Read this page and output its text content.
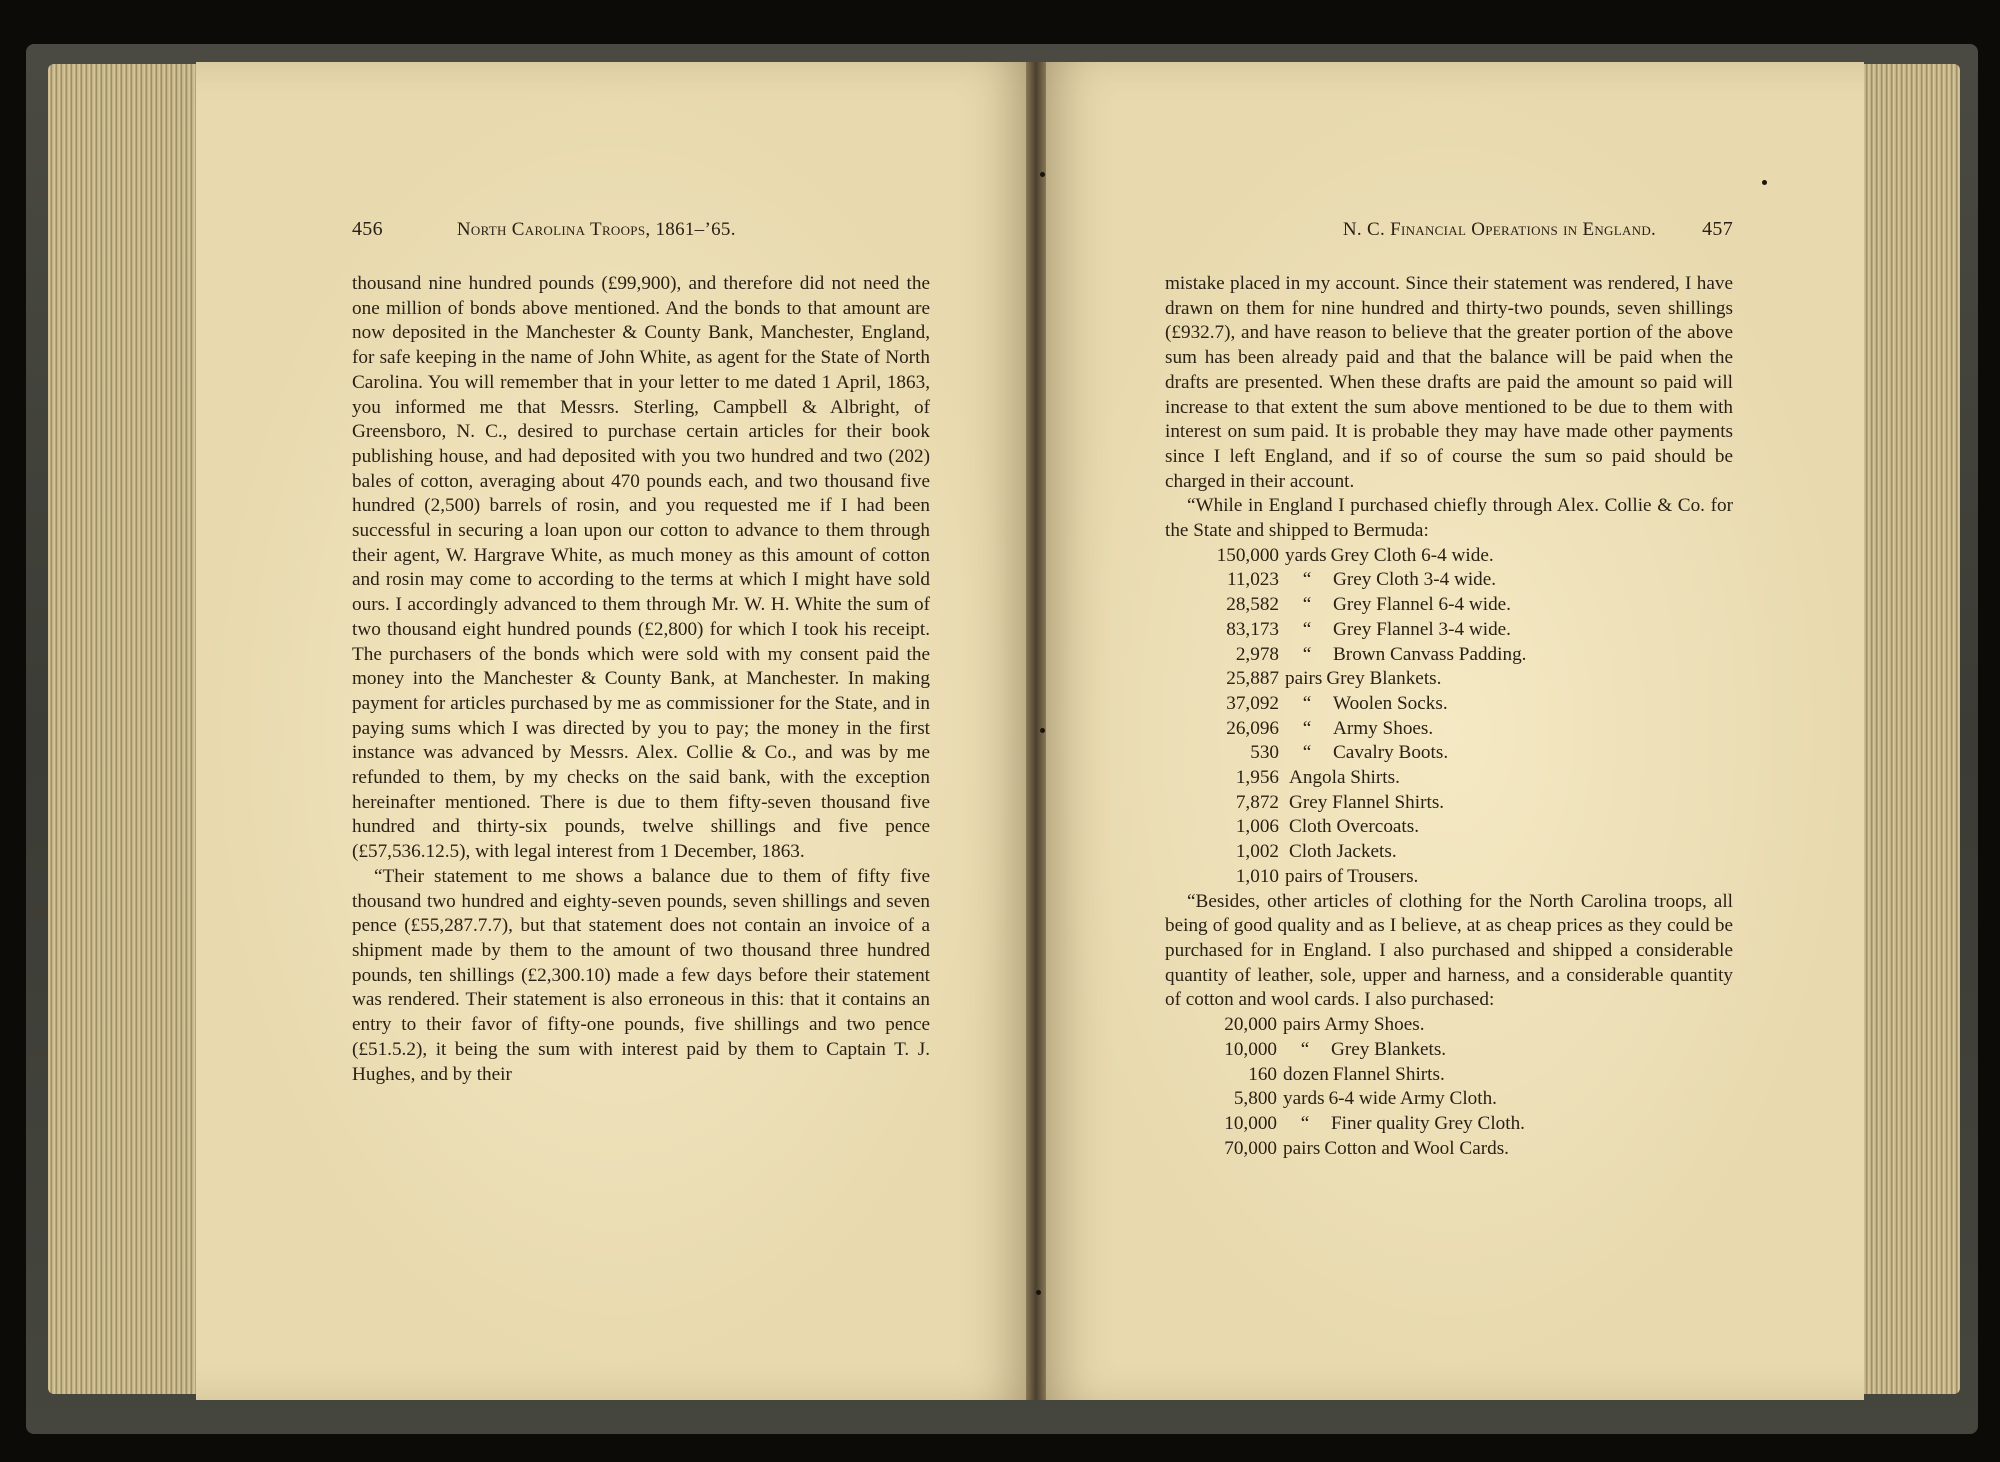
456	North Carolina Troops, 1861–’65.

thousand nine hundred pounds (£99,900), and therefore did not need the one million of bonds above mentioned. And the bonds to that amount are now deposited in the Manchester & County Bank, Manchester, England, for safe keeping in the name of John White, as agent for the State of North Carolina. You will remember that in your letter to me dated 1 April, 1863, you informed me that Messrs. Sterling, Campbell & Albright, of Greensboro, N. C., desired to purchase certain articles for their book publishing house, and had deposited with you two hundred and two (202) bales of cotton, averaging about 470 pounds each, and two thousand five hundred (2,500) barrels of rosin, and you requested me if I had been successful in securing a loan upon our cotton to advance to them through their agent, W. Hargrave White, as much money as this amount of cotton and rosin may come to according to the terms at which I might have sold ours. I accordingly advanced to them through Mr. W. H. White the sum of two thousand eight hundred pounds (£2,800) for which I took his receipt. The purchasers of the bonds which were sold with my consent paid the money into the Manchester & County Bank, at Manchester. In making payment for articles purchased by me as commissioner for the State, and in paying sums which I was directed by you to pay; the money in the first instance was advanced by Messrs. Alex. Collie & Co., and was by me refunded to them, by my checks on the said bank, with the exception hereinafter mentioned. There is due to them fifty-seven thousand five hundred and thirty-six pounds, twelve shillings and five pence (£57,536.12.5), with legal interest from 1 December, 1863.

“Their statement to me shows a balance due to them of fifty five thousand two hundred and eighty-seven pounds, seven shillings and seven pence (£55,287.7.7), but that statement does not contain an invoice of a shipment made by them to the amount of two thousand three hundred pounds, ten shillings (£2,300.10) made a few days before their statement was rendered. Their statement is also erroneous in this: that it contains an entry to their favor of fifty-one pounds, five shillings and two pence (£51.5.2), it being the sum with interest paid by them to Captain T. J. Hughes, and by their

N. C. Financial Operations in England. 457

mistake placed in my account. Since their statement was rendered, I have drawn on them for nine hundred and thirty-two pounds, seven shillings (£932.7), and have reason to believe that the greater portion of the above sum has been already paid and that the balance will be paid when the drafts are presented. When these drafts are paid the amount so paid will increase to that extent the sum above mentioned to be due to them with interest on sum paid. It is probable they may have made other payments since I left England, and if so of course the sum so paid should be charged in their account.

“While in England I purchased chiefly through Alex. Collie & Co. for the State and shipped to Bermuda:

150,000 yards Grey Cloth 6-4 wide.
11,023	“	Grey Cloth 3-4 wide.
28,582	“	Grey Flannel 6-4 wide.
83,173	“	Grey Flannel 3-4 wide.
2,978	“	Brown Canvass Padding.
25,887 pairs Grey Blankets.
37,092	“	Woolen Socks.
26,096	“	Army Shoes.
530	“	Cavalry Boots.
1,956 Angola Shirts.
7,872 Grey Flannel Shirts.
1,006 Cloth Overcoats.
1,002 Cloth Jackets.
1,010 pairs of Trousers.

“Besides, other articles of clothing for the North Carolina troops, all being of good quality and as I believe, at as cheap prices as they could be purchased for in England. I also purchased and shipped a considerable quantity of leather, sole, upper and harness, and a considerable quantity of cotton and wool cards. I also purchased:

20,000 pairs Army Shoes.
10,000	“	Grey Blankets.
160 dozen Flannel Shirts.
5,800 yards 6-4 wide Army Cloth.
10,000	“	Finer quality Grey Cloth.
70,000 pairs Cotton and Wool Cards.
